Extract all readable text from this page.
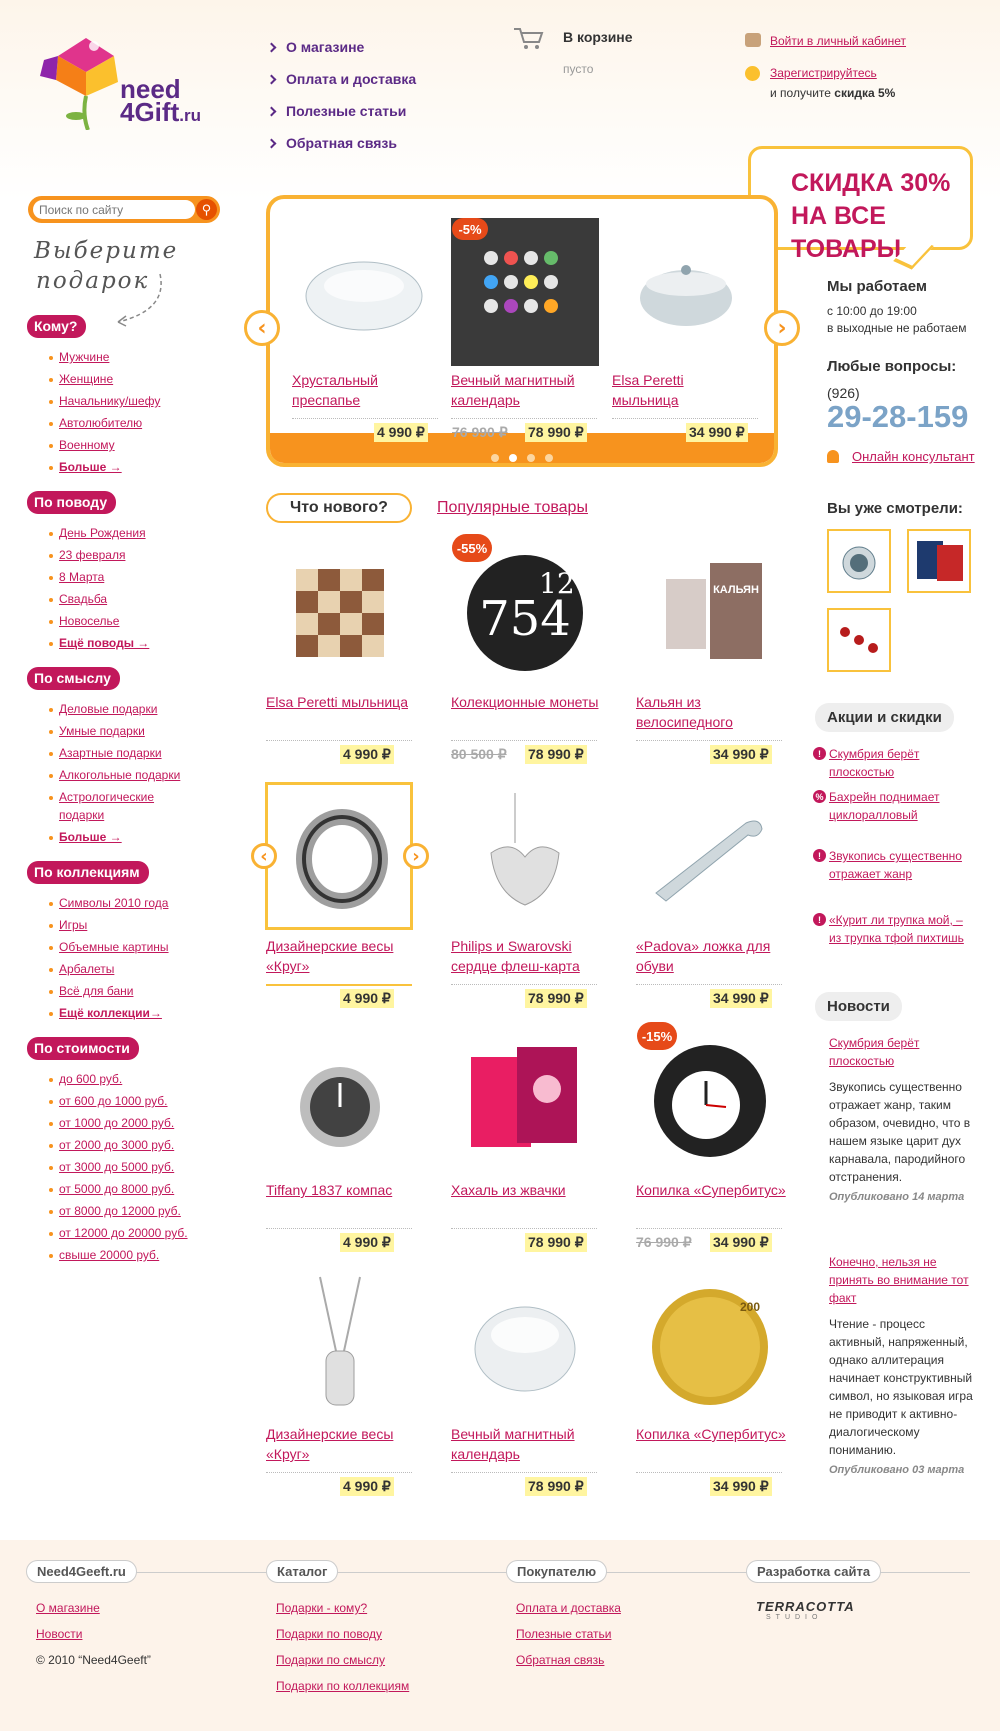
need
4Gift.ru
О магазине
Оплата и доставка
Полезные статьи
Обратная связь
В корзине
пусто
Войти в личный кабинет
Зарегистрируйтесь
и получите скидка 5%
СКИДКА 30%
НА ВСЕ ТОВАРЫ
Поиск по сайту
⚲
Выберите
подарок
Кому?
Мужчине
Женщине
Начальнику/шефу
Автолюбителю
Военному
Больше →
По поводу
День Рождения
23 февраля
8 Марта
Свадьба
Новоселье
Ещё поводы →
По смыслу
Деловые подарки
Умные подарки
Азартные подарки
Алкогольные подарки
Астрологические подарки
Больше →
По коллекциям
Символы 2010 года
Игры
Объемные картины
Арбалеты
Всё для бани
Ещё коллекции→
По стоимости
до 600 руб.
от 600 до 1000 руб.
от 1000 до 2000 руб.
от 2000 до 3000 руб.
от 3000 до 5000 руб.
от 5000 до 8000 руб.
от 8000 до 12000 руб.
от 12000 до 20000 руб.
свыше 20000 руб.
‹	›
-5%
Хрустальный преспапье
Вечный магнитный календарь
Elsa Peretti мыльница
4 990 ₽ 76 990 ₽ 78 990 ₽	34 990 ₽
Что нового?	Популярные товары
Elsa Peretti мыльница
4 990 ₽
754
12
-55%
Колекционные монеты
80 500 ₽ 78 990 ₽
КАЛЬЯН
Кальян из велосипедного
34 990 ₽
‹	›
Дизайнерские весы «Круг»
4 990 ₽
Philips и Swarovski сердце флеш-карта
78 990 ₽
«Padova» ложка для обуви
34 990 ₽
Tiffany 1837 компас
4 990 ₽
Хахаль из жвачки
78 990 ₽
-15%
Копилка «Супербитус»
76 990 ₽ 34 990 ₽
Дизайнерские весы «Круг»
4 990 ₽
Вечный магнитный календарь
78 990 ₽
200
Копилка «Супербитус»
34 990 ₽
Мы работаем
с 10:00 до 19:00
в выходные не работаем
Любые вопросы:
(926)
29-28-159
Онлайн консультант
Вы уже смотрели:
Акции и скидки
! Скумбрия берёт плоскостью
% Бахрейн поднимает циклоралловый
! Звукопись существенно отражает жанр
! «Курит ли трупка мой, – из трупка тфой пихтишь
Новости
Скумбрия берёт плоскостью
Звукопись существенно отражает жанр, таким образом, очевидно, что в нашем языке царит дух карнавала, пародийного отстранения.
Опубликовано 14 марта
Конечно, нельзя не принять во внимание тот факт
Чтение - процесс активный, напряженный, однако аллитерация начинает конструктивный символ, но языковая игра не приводит к активно-диалогическому пониманию.
Опубликовано 03 марта
Need4Geeft.ru
О магазине
Новости
© 2010 “Need4Geeft”
Каталог
Подарки - кому?
Подарки по поводу
Подарки по смыслу
Подарки по коллекциям
Покупателю
Оплата и доставка
Полезные статьи
Обратная связь
Разработка сайта
TERRACOTTA
STUDIO
